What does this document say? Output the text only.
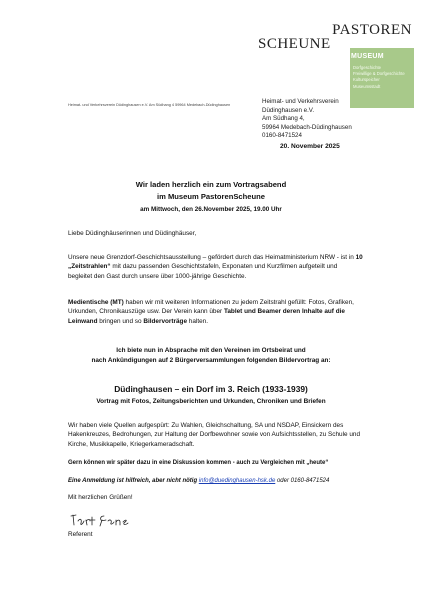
PASTOREN
SCHEUNE
MUSEUM
Dorfgeschichte
Freiwillige & Dorfgeschichte
Kulturspeicher
Museumsstadt
Heimat- und Verkehrsverein Düdinghausen e.V. Am Südhang 4 59964 Medebach-Düdinghausen	Heimat- und Verkehrsverein
Düdinghausen e.V.
Am Südhang 4,
59964 Medebach-Düdinghausen
0160-8471524
20. November 2025
Wir laden herzlich ein zum Vortragsabend
im Museum PastorenScheune
am Mittwoch, den 26.November 2025, 19.00 Uhr
Liebe Düdinghäuserinnen und Düdinghäuser,
Unsere neue Grenzdorf-Geschichtsausstellung – gefördert durch das Heimatministerium NRW - ist in 10 „Zeitstrahlen“ mit dazu passenden Geschichtstafeln, Exponaten und Kurzfilmen aufgeteilt und begleitet den Gast durch unsere über 1000-jährige Geschichte.
Medientische (MT) haben wir mit weiteren Informationen zu jedem Zeitstrahl gefüllt: Fotos, Grafiken, Urkunden, Chronikauszüge usw. Der Verein kann über Tablet und Beamer deren Inhalte auf die Leinwand bringen und so Bildervorträge halten.
Ich biete nun in Absprache mit den Vereinen im Ortsbeirat und
nach Ankündigungen auf 2 Bürgerversammlungen folgenden Bildervortrag an:
Düdinghausen – ein Dorf im 3. Reich (1933-1939)
Vortrag mit Fotos, Zeitungsberichten und Urkunden, Chroniken und Briefen
Wir haben viele Quellen aufgespürt: Zu Wahlen, Gleichschaltung, SA und NSDAP, Einsickern des Hakenkreuzes, Bedrohungen, zur Haltung der Dorfbewohner sowie von Aufsichtsstellen, zu Schule und Kirche, Musikkapelle, Kriegerkameradschaft.
Gern können wir später dazu in eine Diskussion kommen - auch zu Vergleichen mit „heute“
Eine Anmeldung ist hilfreich, aber nicht nötig info@duedinghausen-hsk.de oder 0160-8471524
Mit herzlichen Grüßen!
Referent
